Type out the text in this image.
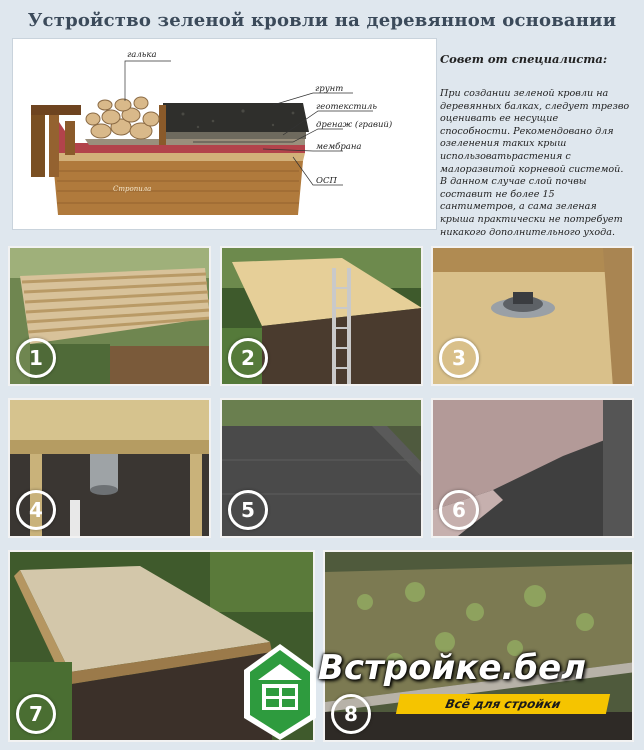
Устройство зеленой кровли на деревянном основании
галька
грунт
геотекстиль
дренаж (гравий)
мембрана
ОСП
Стропила
Совет от специалиста:
При создании зеленой кровли на деревянных балках, следует трезво оценивать ее несущие способности. Рекомендовано для озеленения таких крыш использоватьрастения с малоразвитой корневой системой. В данном случае слой почвы составит не более 15 сантиметров, а сама зеленая крыша практически не потребует никакого дополнительного ухода.
1	2	3
4	5	6
7	8
Встройке.бел
Всё для стройки
